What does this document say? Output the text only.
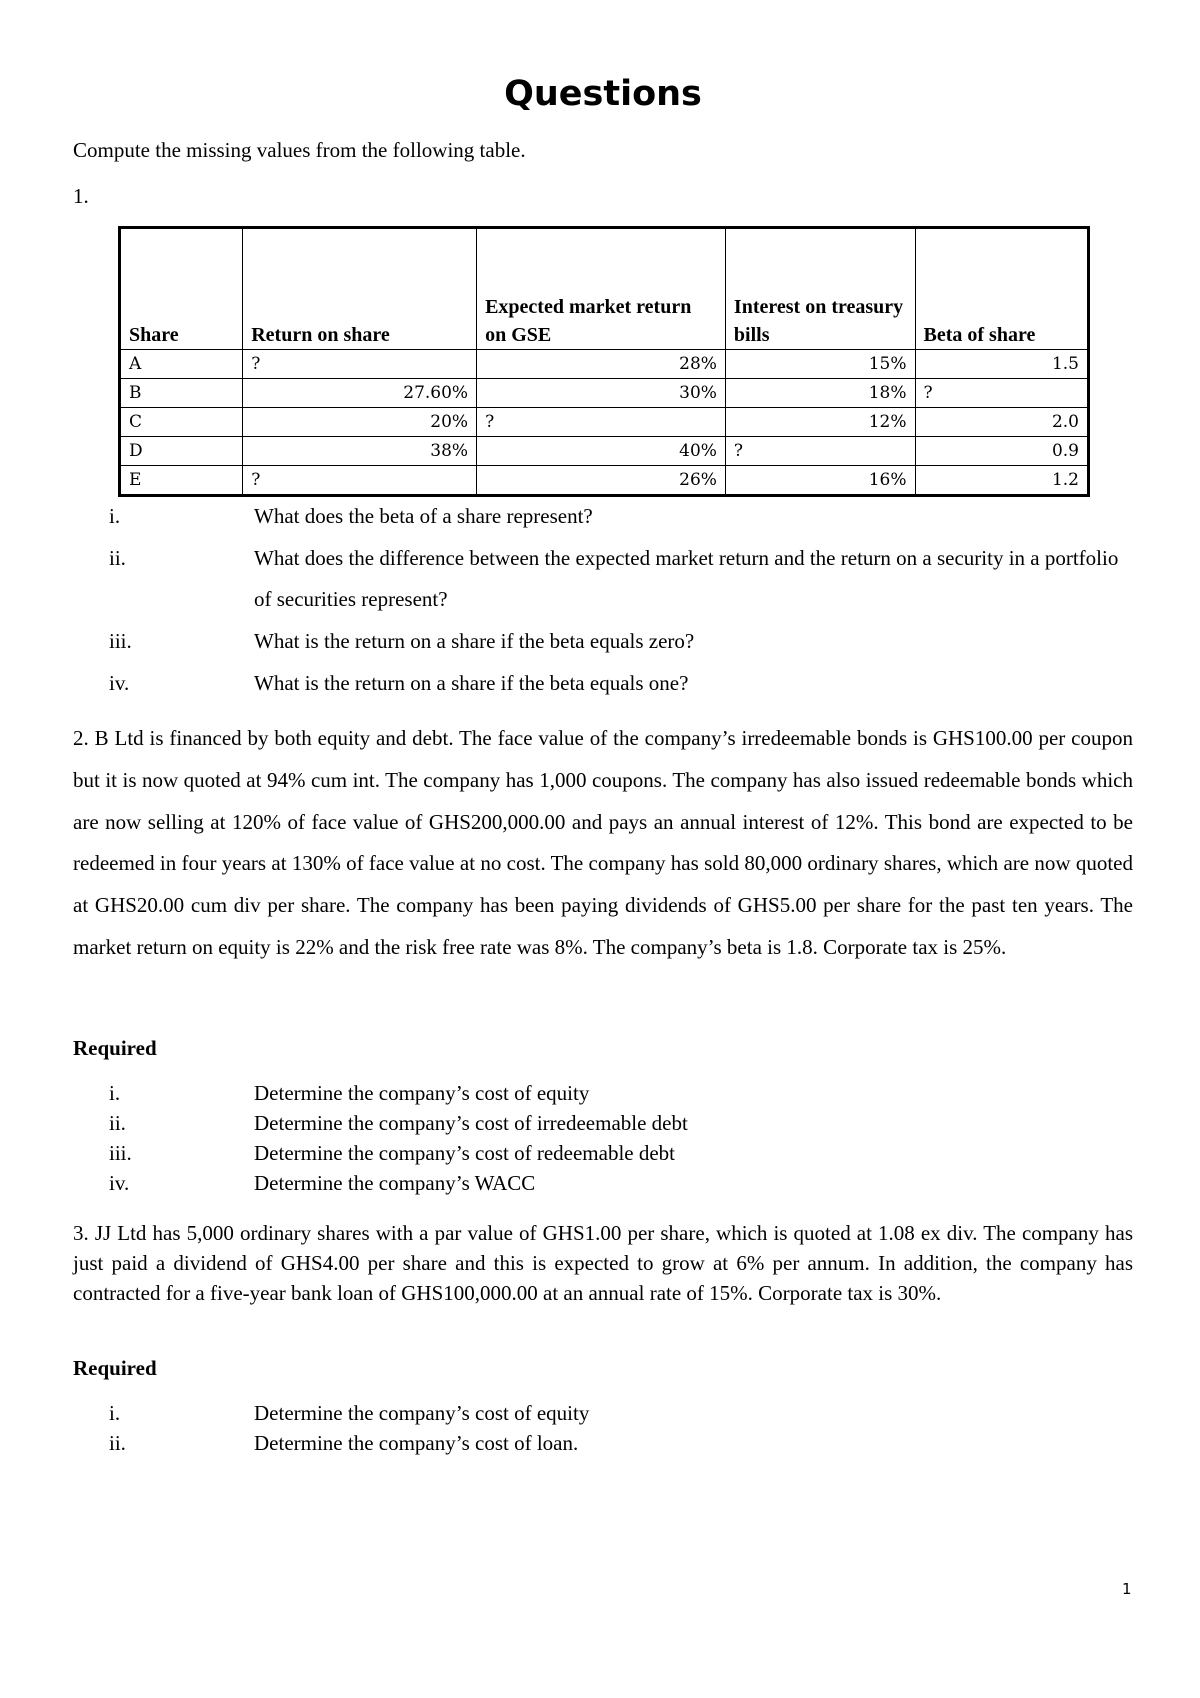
Questions

Compute the missing values from the following table.

1.

Share	Return on share	Expected market return on GSE	Interest on treasury bills	Beta of share
A	?	28%	15%	1.5
B	27.60%	30%	18%	?
C	20%	?	12%	2.0
D	38%	40%	?	0.9
E	?	26%	16%	1.2
i.	What does the beta of a share represent?
ii.	What does the difference between the expected market return and the return on a security in a portfolio of securities represent?
iii.	What is the return on a share if the beta equals zero?
iv.	What is the return on a share if the beta equals one?

2. B Ltd is financed by both equity and debt. The face value of the company’s irredeemable bonds is GHS100.00 per coupon but it is now quoted at 94% cum int. The company has 1,000 coupons. The company has also issued redeemable bonds which are now selling at 120% of face value of GHS200,000.00 and pays an annual interest of 12%. This bond are expected to be redeemed in four years at 130% of face value at no cost. The company has sold 80,000 ordinary shares, which are now quoted at GHS20.00 cum div per share. The company has been paying dividends of GHS5.00 per share for the past ten years. The market return on equity is 22% and the risk free rate was 8%. The company’s beta is 1.8. Corporate tax is 25%.

Required
i.	Determine the company’s cost of equity
ii.	Determine the company’s cost of irredeemable debt
iii.	Determine the company’s cost of redeemable debt
iv.	Determine the company’s WACC

3. JJ Ltd has 5,000 ordinary shares with a par value of GHS1.00 per share, which is quoted at 1.08 ex div. The company has just paid a dividend of GHS4.00 per share and this is expected to grow at 6% per annum. In addition, the company has contracted for a five-year bank loan of GHS100,000.00 at an annual rate of 15%. Corporate tax is 30%.

Required
i.	Determine the company’s cost of equity
ii.	Determine the company’s cost of loan.
1
